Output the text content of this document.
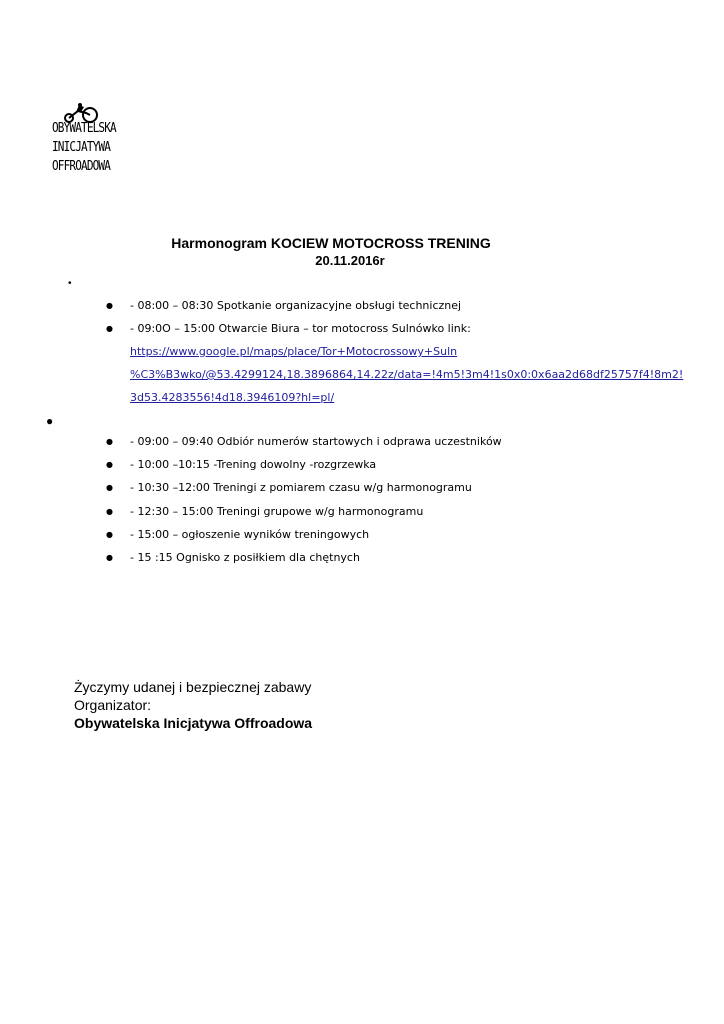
OBYWATELSKA
INICJATYWA
OFFROADOWA
Harmonogram KOCIEW MOTOCROSS TRENING
20.11.2016r
•
● - 08:00 – 08:30 Spotkanie organizacyjne obsługi technicznej
● - 09:0O – 15:00 Otwarcie Biura – tor motocross Sulnówko link:
https://www.google.pl/maps/place/Tor+Motocrossowy+Suln
%C3%B3wko/@53.4299124,18.3896864,14.22z/data=!4m5!3m4!1s0x0:0x6aa2d68df25757f4!8m2!
3d53.4283556!4d18.3946109?hl=pl/
●
● - 09:00 – 09:40 Odbiór numerów startowych i odprawa uczestników
● - 10:00 –10:15 -Trening dowolny -rozgrzewka
● - 10:30 –12:00 Treningi z pomiarem czasu w/g harmonogramu
● - 12:30 – 15:00 Treningi grupowe w/g harmonogramu
● - 15:00 – ogłoszenie wyników treningowych
● - 15 :15 Ognisko z posiłkiem dla chętnych
Życzymy udanej i bezpiecznej zabawy
Organizator:
Obywatelska Inicjatywa Offroadowa
